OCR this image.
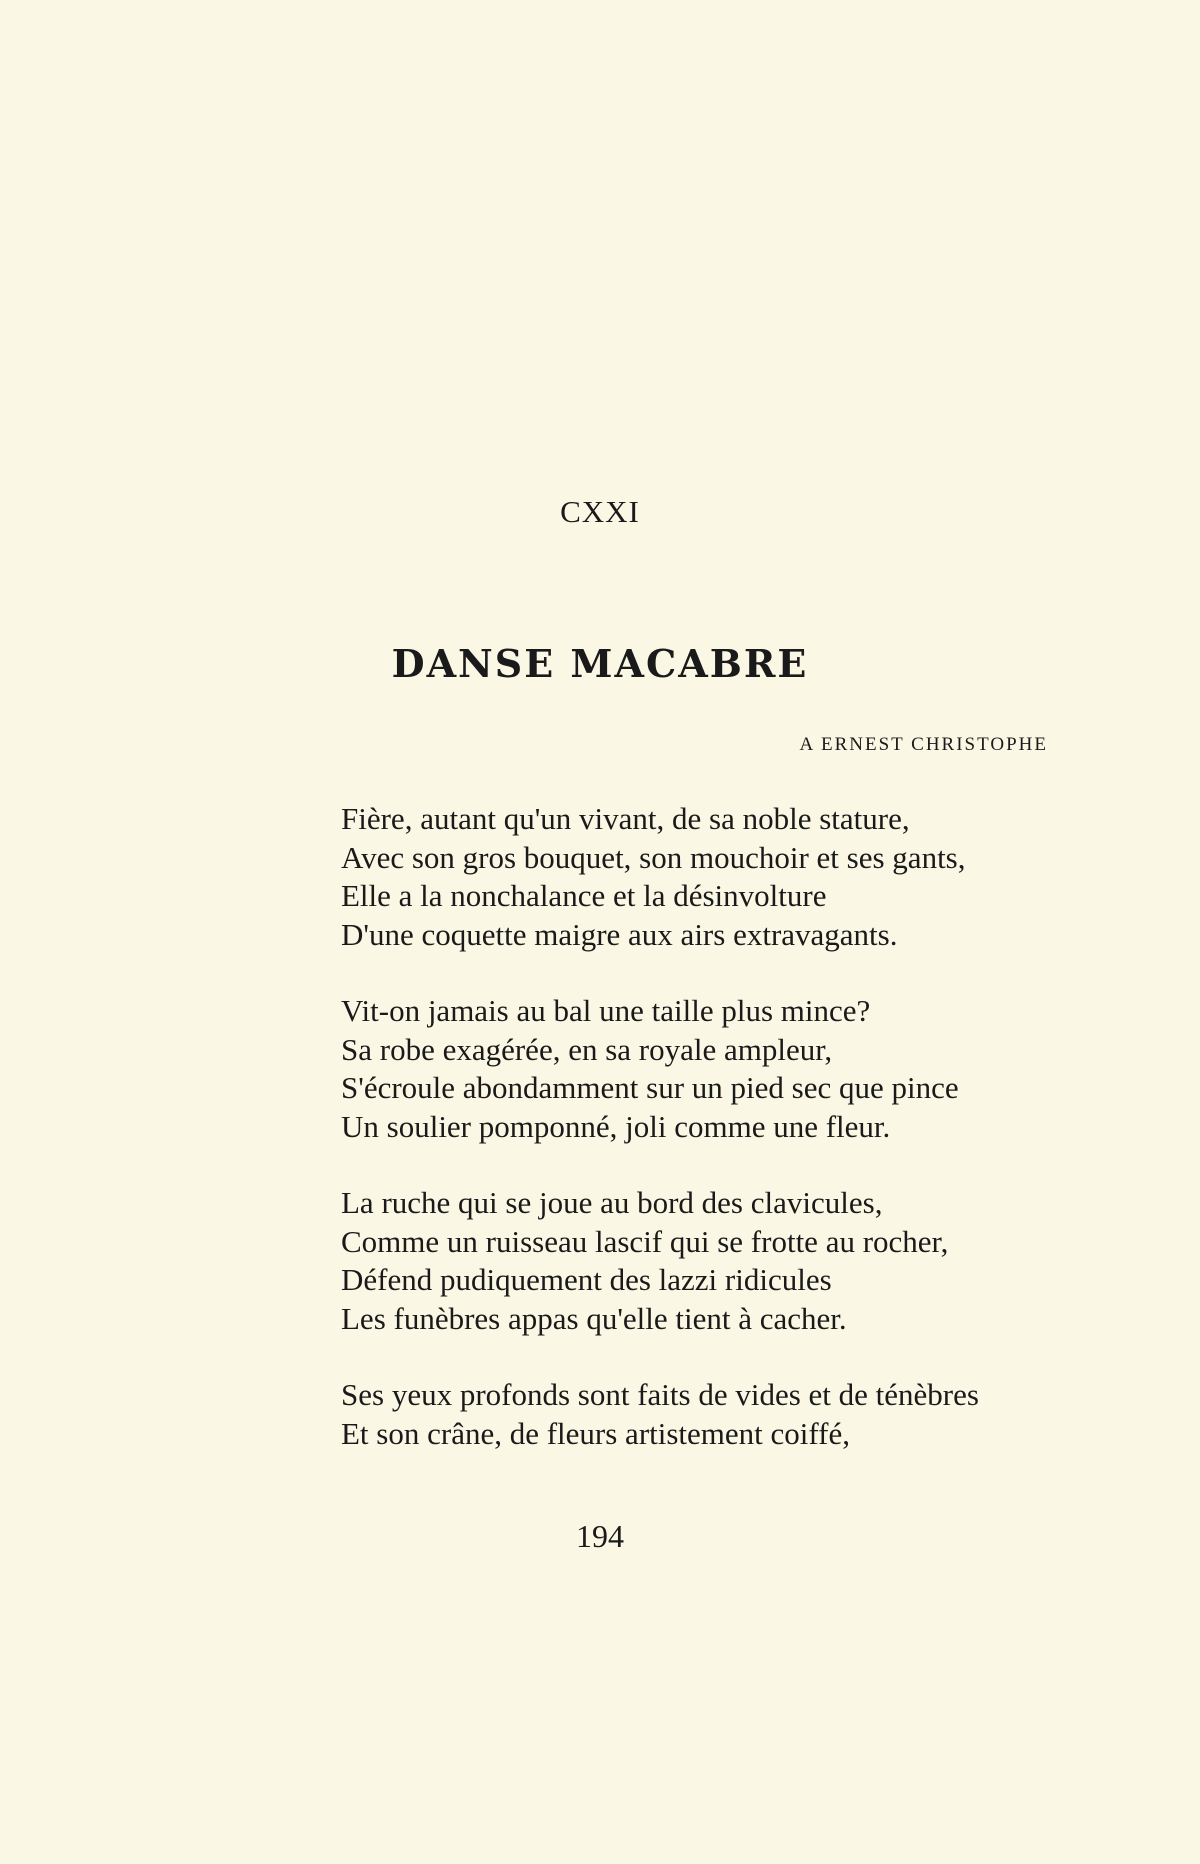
CXXI
DANSE MACABRE
A ERNEST CHRISTOPHE
Fière, autant qu'un vivant, de sa noble stature,
Avec son gros bouquet, son mouchoir et ses gants,
Elle a la nonchalance et la désinvolture
D'une coquette maigre aux airs extravagants.
Vit-on jamais au bal une taille plus mince?
Sa robe exagérée, en sa royale ampleur,
S'écroule abondamment sur un pied sec que pince
Un soulier pomponné, joli comme une fleur.
La ruche qui se joue au bord des clavicules,
Comme un ruisseau lascif qui se frotte au rocher,
Défend pudiquement des lazzi ridicules
Les funèbres appas qu'elle tient à cacher.
Ses yeux profonds sont faits de vides et de ténèbres
Et son crâne, de fleurs artistement coiffé,
194
